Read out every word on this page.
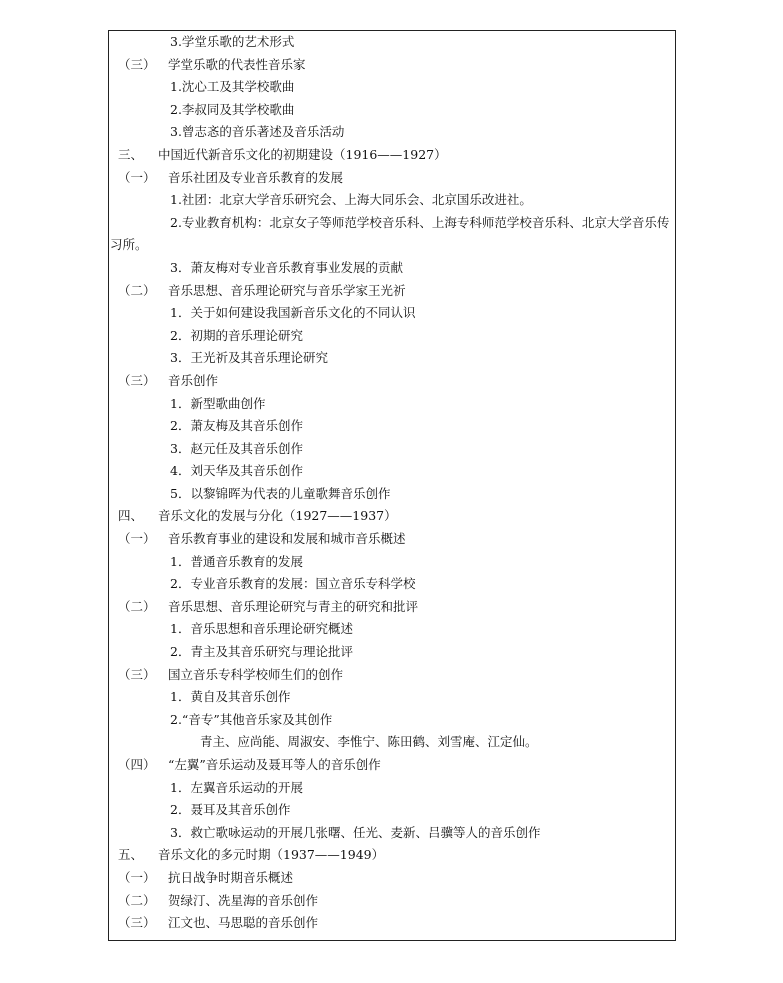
3.学堂乐歌的艺术形式
（三） 学堂乐歌的代表性音乐家
1.沈心工及其学校歌曲
2.李叔同及其学校歌曲
3.曾志忞的音乐著述及音乐活动
三、 中国近代新音乐文化的初期建设（1916——1927）
（一） 音乐社团及专业音乐教育的发展
1.社团：北京大学音乐研究会、上海大同乐会、北京国乐改进社。
2.专业教育机构：北京女子等师范学校音乐科、上海专科师范学校音乐科、北京大学音乐传习所。
3．萧友梅对专业音乐教育事业发展的贡献
（二） 音乐思想、音乐理论研究与音乐学家王光祈
1．关于如何建设我国新音乐文化的不同认识
2．初期的音乐理论研究
3．王光祈及其音乐理论研究
（三） 音乐创作
1．新型歌曲创作
2．萧友梅及其音乐创作
3．赵元任及其音乐创作
4．刘天华及其音乐创作
5．以黎锦晖为代表的儿童歌舞音乐创作
四、 音乐文化的发展与分化（1927——1937）
（一） 音乐教育事业的建设和发展和城市音乐概述
1．普通音乐教育的发展
2．专业音乐教育的发展：国立音乐专科学校
（二） 音乐思想、音乐理论研究与青主的研究和批评
1．音乐思想和音乐理论研究概述
2．青主及其音乐研究与理论批评
（三） 国立音乐专科学校师生们的创作
1．黄自及其音乐创作
2.“音专”其他音乐家及其创作
青主、应尚能、周淑安、李惟宁、陈田鹤、刘雪庵、江定仙。
（四） “左翼”音乐运动及聂耳等人的音乐创作
1．左翼音乐运动的开展
2．聂耳及其音乐创作
3．救亡歌咏运动的开展几张曙、任光、麦新、吕骥等人的音乐创作
五、 音乐文化的多元时期（1937——1949）
（一） 抗日战争时期音乐概述
（二） 贺绿汀、冼星海的音乐创作
（三） 江文也、马思聪的音乐创作
